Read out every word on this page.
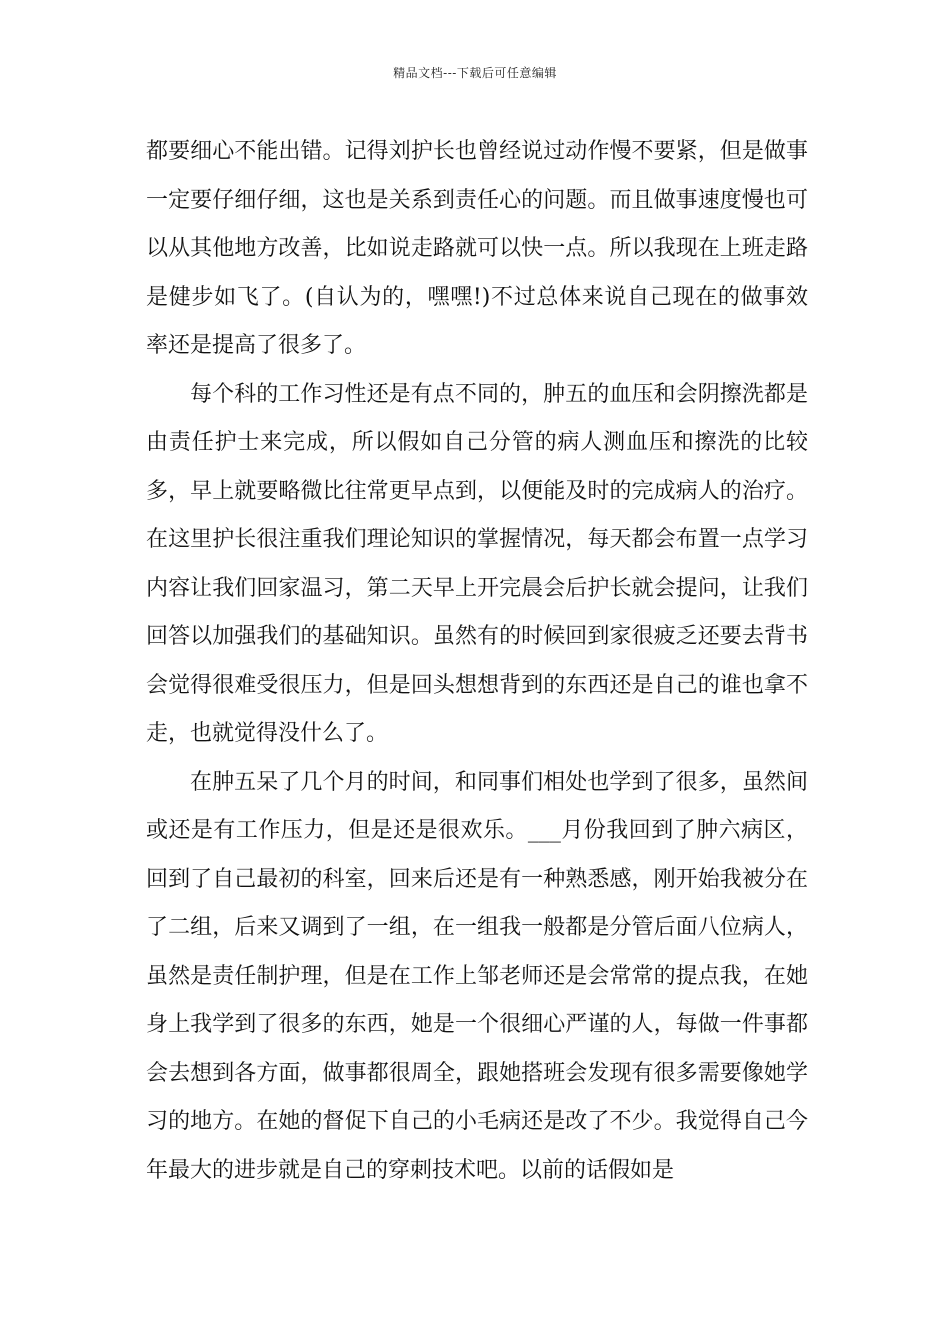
精品文档---下载后可任意编辑

都要细心不能出错。记得刘护长也曾经说过动作慢不要紧，但是做事一定要仔细仔细，这也是关系到责任心的问题。而且做事速度慢也可以从其他地方改善，比如说走路就可以快一点。所以我现在上班走路是健步如飞了。(自认为的，嘿嘿!)不过总体来说自己现在的做事效率还是提高了很多了。

每个科的工作习性还是有点不同的，肿五的血压和会阴擦洗都是由责任护士来完成，所以假如自己分管的病人测血压和擦洗的比较多，早上就要略微比往常更早点到，以便能及时的完成病人的治疗。在这里护长很注重我们理论知识的掌握情况，每天都会布置一点学习内容让我们回家温习，第二天早上开完晨会后护长就会提问，让我们回答以加强我们的基础知识。虽然有的时候回到家很疲乏还要去背书会觉得很难受很压力，但是回头想想背到的东西还是自己的谁也拿不走，也就觉得没什么了。

在肿五呆了几个月的时间，和同事们相处也学到了很多，虽然间或还是有工作压力，但是还是很欢乐。___月份我回到了肿六病区，回到了自己最初的科室，回来后还是有一种熟悉感，刚开始我被分在了二组，后来又调到了一组，在一组我一般都是分管后面八位病人，虽然是责任制护理，但是在工作上邹老师还是会常常的提点我，在她身上我学到了很多的东西，她是一个很细心严谨的人，每做一件事都会去想到各方面，做事都很周全，跟她搭班会发现有很多需要像她学习的地方。在她的督促下自己的小毛病还是改了不少。我觉得自己今年最大的进步就是自己的穿刺技术吧。以前的话假如是
